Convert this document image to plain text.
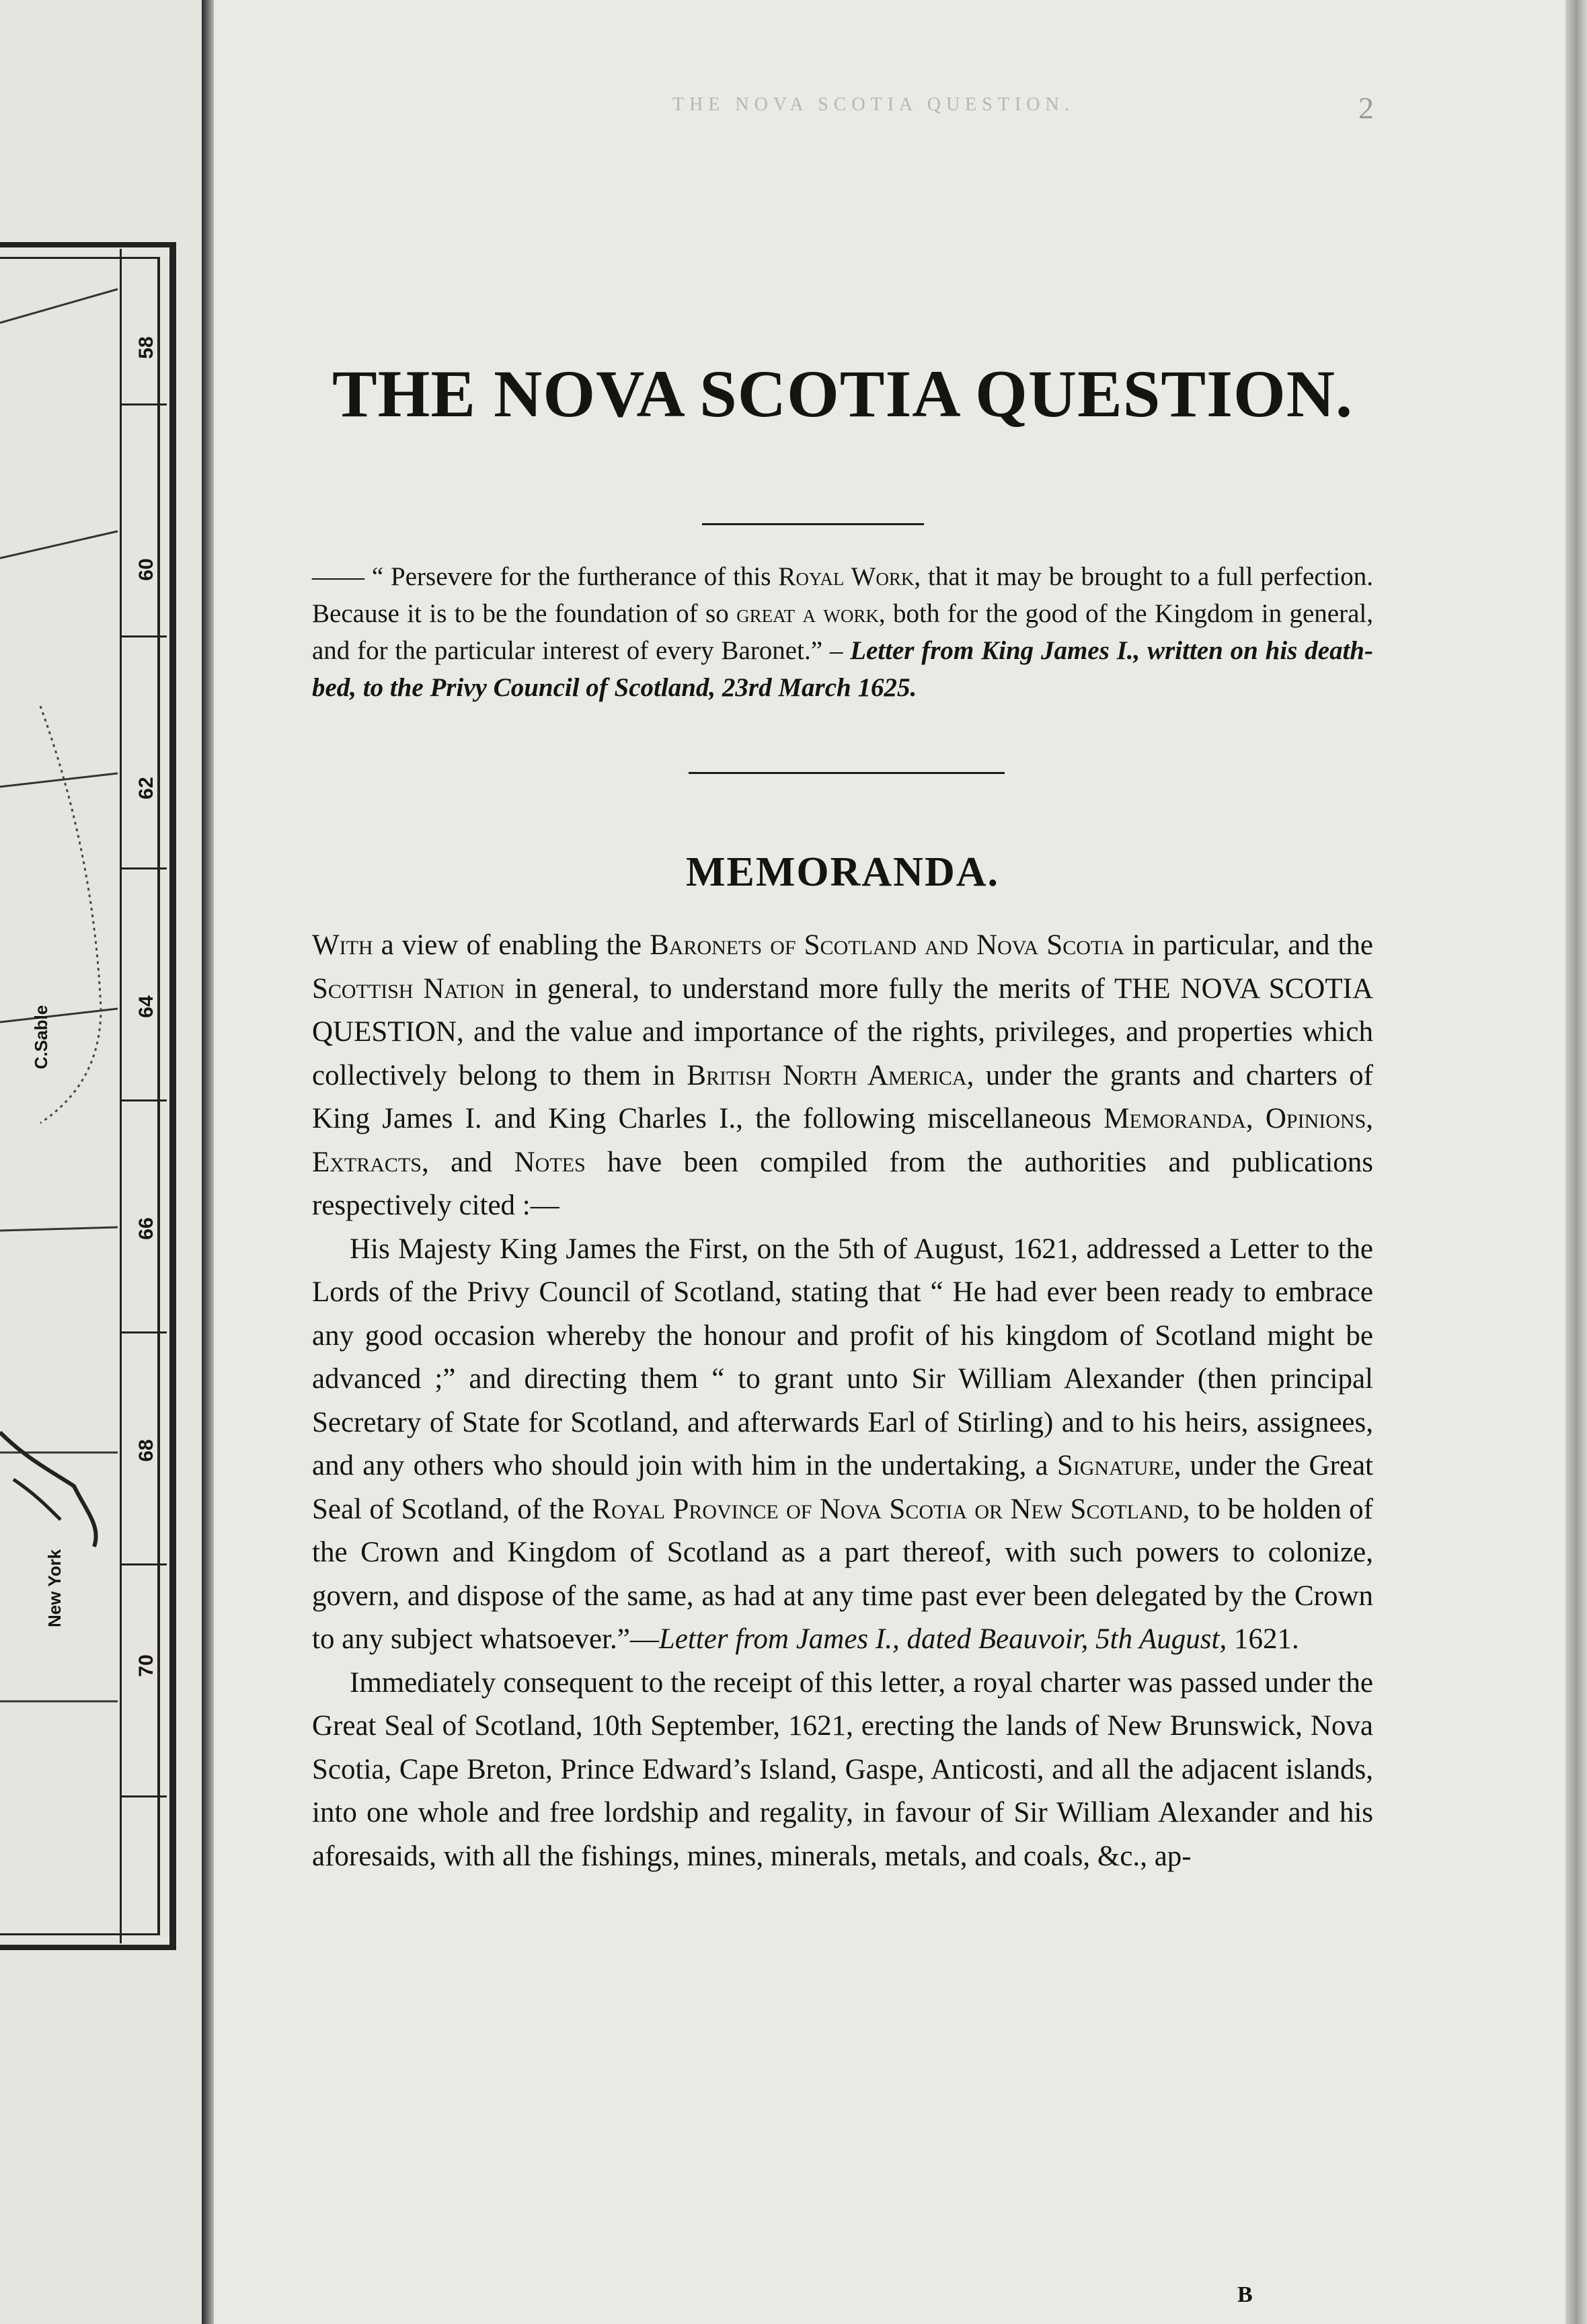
58
60
62
64
66
68
70
C.Sable
New York
THE NOVA SCOTIA QUESTION.	2
THE NOVA SCOTIA QUESTION.
—— “ Persevere for the furtherance of this Royal Work, that it may be brought to a full perfection. Because it is to be the foundation of so great a work, both for the good of the Kingdom in general, and for the particular interest of every Baronet.” – Letter from King James I., written on his death-bed, to the Privy Council of Scotland, 23rd March 1625.
MEMORANDA.

With a view of enabling the Baronets of Scotland and Nova Scotia in particular, and the Scottish Nation in general, to understand more fully the merits of THE NOVA SCOTIA QUESTION, and the value and importance of the rights, privileges, and properties which collectively belong to them in British North America, under the grants and charters of King James I. and King Charles I., the following miscellaneous Memoranda, Opinions, Extracts, and Notes have been compiled from the authorities and publications respectively cited :—

His Majesty King James the First, on the 5th of August, 1621, addressed a Letter to the Lords of the Privy Council of Scotland, stating that “ He had ever been ready to embrace any good occasion whereby the honour and profit of his kingdom of Scotland might be advanced ;” and directing them “ to grant unto Sir William Alexander (then principal Secretary of State for Scotland, and afterwards Earl of Stirling) and to his heirs, assignees, and any others who should join with him in the undertaking, a Signature, under the Great Seal of Scotland, of the Royal Province of Nova Scotia or New Scotland, to be holden of the Crown and Kingdom of Scotland as a part thereof, with such powers to colonize, govern, and dispose of the same, as had at any time past ever been delegated by the Crown to any subject whatsoever.”—Letter from James I., dated Beauvoir, 5th August, 1621.

Immediately consequent to the receipt of this letter, a royal charter was passed under the Great Seal of Scotland, 10th September, 1621, erecting the lands of New Brunswick, Nova Scotia, Cape Breton, Prince Edward’s Island, Gaspe, Anticosti, and all the adjacent islands, into one whole and free lordship and regality, in favour of Sir William Alexander and his aforesaids, with all the fishings, mines, minerals, metals, and coals, &c., ap-

B
